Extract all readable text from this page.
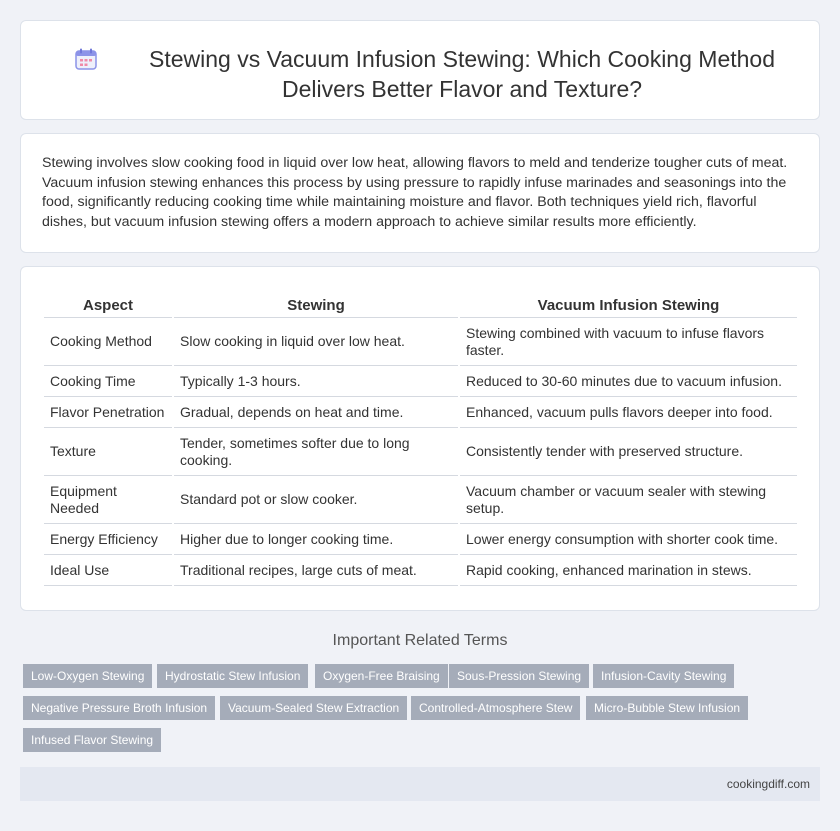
Stewing vs Vacuum Infusion Stewing: Which Cooking Method
Delivers Better Flavor and Texture?

Stewing involves slow cooking food in liquid over low heat, allowing flavors to meld and tenderize tougher cuts of meat. Vacuum infusion stewing enhances this process by using pressure to rapidly infuse marinades and seasonings into the food, significantly reducing cooking time while maintaining moisture and flavor. Both techniques yield rich, flavorful dishes, but vacuum infusion stewing offers a modern approach to achieve similar results more efficiently.

Aspect	Stewing	Vacuum Infusion Stewing
Cooking Method	Slow cooking in liquid over low heat.	Stewing combined with vacuum to infuse flavors faster.
Cooking Time	Typically 1-3 hours.	Reduced to 30-60 minutes due to vacuum infusion.
Flavor Penetration	Gradual, depends on heat and time.	Enhanced, vacuum pulls flavors deeper into food.
Texture	Tender, sometimes softer due to long cooking.	Consistently tender with preserved structure.
Equipment Needed	Standard pot or slow cooker.	Vacuum chamber or vacuum sealer with stewing setup.
Energy Efficiency	Higher due to longer cooking time.	Lower energy consumption with shorter cook time.
Ideal Use	Traditional recipes, large cuts of meat.	Rapid cooking, enhanced marination in stews.
Important Related Terms
Low-Oxygen Stewing	Hydrostatic Stew Infusion	Oxygen-Free Braising	Sous-Pression Stewing	Infusion-Cavity Stewing
Negative Pressure Broth Infusion	Vacuum-Sealed Stew Extraction	Controlled-Atmosphere Stew	Micro-Bubble Stew Infusion
Infused Flavor Stewing
cookingdiff.com
